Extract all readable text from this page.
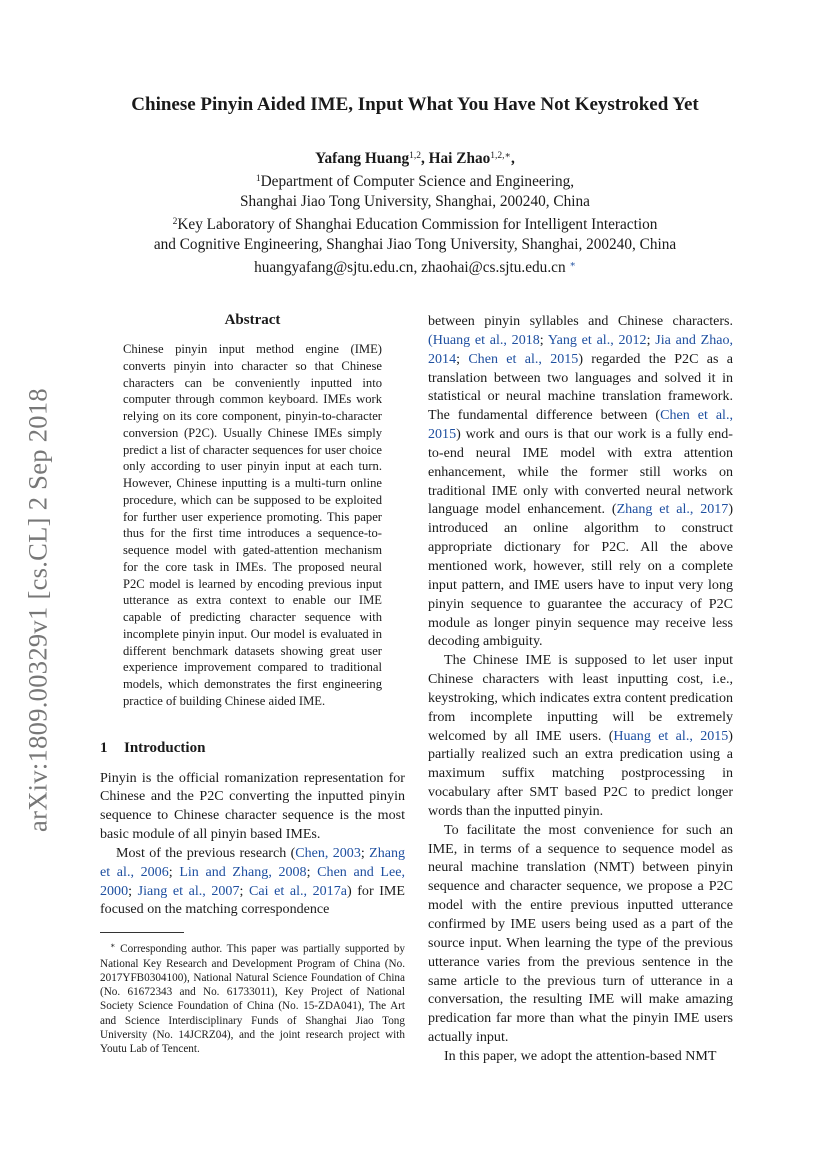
arXiv:1809.00329v1 [cs.CL] 2 Sep 2018
Chinese Pinyin Aided IME, Input What You Have Not Keystroked Yet
Yafang Huang$^{1,2}$, Hai Zhao$^{1,2,∗}$,
$^1$Department of Computer Science and Engineering,
Shanghai Jiao Tong University, Shanghai, 200240, China
$^2$Key Laboratory of Shanghai Education Commission for Intelligent Interaction
and Cognitive Engineering, Shanghai Jiao Tong University, Shanghai, 200240, China
huangyafang@sjtu.edu.cn, zhaohai@cs.sjtu.edu.cn ∗
Abstract

Chinese pinyin input method engine (IME) converts pinyin into character so that Chinese characters can be conveniently inputted into computer through common keyboard. IMEs work relying on its core component, pinyin-to-character conversion (P2C). Usually Chinese IMEs simply predict a list of character sequences for user choice only according to user pinyin input at each turn. However, Chinese inputting is a multi-turn online procedure, which can be supposed to be exploited for further user experience promoting. This paper thus for the first time introduces a sequence-to-sequence model with gated-attention mechanism for the core task in IMEs. The proposed neural P2C model is learned by encoding previous input utterance as extra context to enable our IME capable of predicting character sequence with incomplete pinyin input. Our model is evaluated in different benchmark datasets showing great user experience improvement compared to traditional models, which demonstrates the first engineering practice of building Chinese aided IME.

1 Introduction

Pinyin is the official romanization representation for Chinese and the P2C converting the inputted pinyin sequence to Chinese character sequence is the most basic module of all pinyin based IMEs.

Most of the previous research (Chen, 2003; Zhang et al., 2006; Lin and Zhang, 2008; Chen and Lee, 2000; Jiang et al., 2007; Cai et al., 2017a) for IME focused on the matching correspondence

∗ Corresponding author. This paper was partially supported by National Key Research and Development Program of China (No. 2017YFB0304100), National Natural Science Foundation of China (No. 61672343 and No. 61733011), Key Project of National Society Science Foundation of China (No. 15-ZDA041), The Art and Science Interdisciplinary Funds of Shanghai Jiao Tong University (No. 14JCRZ04), and the joint research project with Youtu Lab of Tencent.

between pinyin syllables and Chinese characters. (Huang et al., 2018; Yang et al., 2012; Jia and Zhao, 2014; Chen et al., 2015) regarded the P2C as a translation between two languages and solved it in statistical or neural machine translation framework. The fundamental difference between (Chen et al., 2015) work and ours is that our work is a fully end-to-end neural IME model with extra attention enhancement, while the former still works on traditional IME only with converted neural network language model enhancement. (Zhang et al., 2017) introduced an online algorithm to construct appropriate dictionary for P2C. All the above mentioned work, however, still rely on a complete input pattern, and IME users have to input very long pinyin sequence to guarantee the accuracy of P2C module as longer pinyin sequence may receive less decoding ambiguity.

The Chinese IME is supposed to let user input Chinese characters with least inputting cost, i.e., keystroking, which indicates extra content predication from incomplete inputting will be extremely welcomed by all IME users. (Huang et al., 2015) partially realized such an extra predication using a maximum suffix matching postprocessing in vocabulary after SMT based P2C to predict longer words than the inputted pinyin.

To facilitate the most convenience for such an IME, in terms of a sequence to sequence model as neural machine translation (NMT) between pinyin sequence and character sequence, we propose a P2C model with the entire previous inputted utterance confirmed by IME users being used as a part of the source input. When learning the type of the previous utterance varies from the previous sentence in the same article to the previous turn of utterance in a conversation, the resulting IME will make amazing predication far more than what the pinyin IME users actually input.

In this paper, we adopt the attention-based NMT
